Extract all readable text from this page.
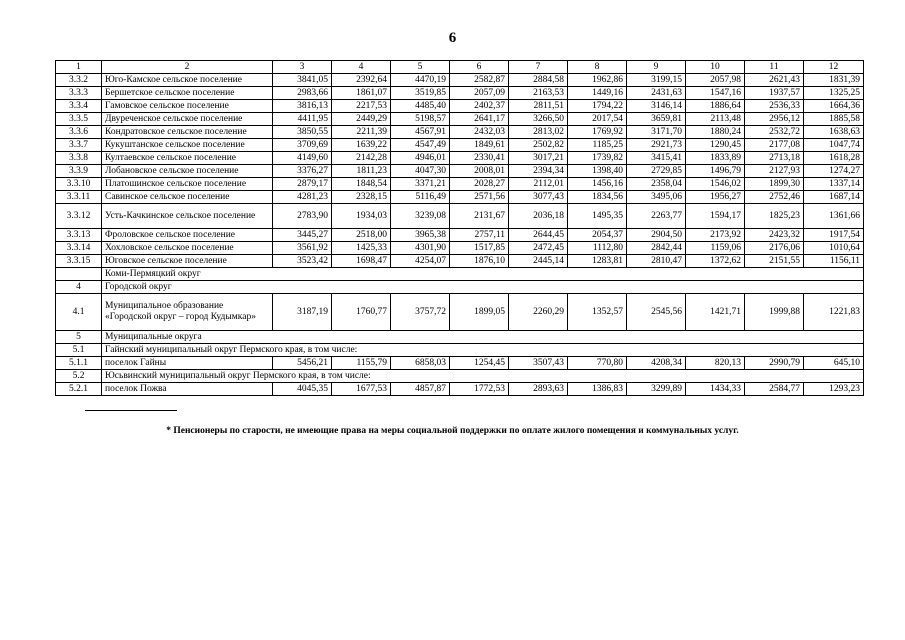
6
1	2	3	4	5	6	7	8	9	10	11	12
3.3.2	Юго-Камское сельское поселение	3841,05	2392,64	4470,19	2582,87	2884,58	1962,86	3199,15	2057,98	2621,43	1831,39
3.3.3	Бершетское сельское поселение	2983,66	1861,07	3519,85	2057,09	2163,53	1449,16	2431,63	1547,16	1937,57	1325,25
3.3.4	Гамовское сельское поселение	3816,13	2217,53	4485,40	2402,37	2811,51	1794,22	3146,14	1886,64	2536,33	1664,36
3.3.5	Двуреченское сельское поселение	4411,95	2449,29	5198,57	2641,17	3266,50	2017,54	3659,81	2113,48	2956,12	1885,58
3.3.6	Кондратовское сельское поселение	3850,55	2211,39	4567,91	2432,03	2813,02	1769,92	3171,70	1880,24	2532,72	1638,63
3.3.7	Кукуштанское сельское поселение	3709,69	1639,22	4547,49	1849,61	2502,82	1185,25	2921,73	1290,45	2177,08	1047,74
3.3.8	Култаевское сельское поселение	4149,60	2142,28	4946,01	2330,41	3017,21	1739,82	3415,41	1833,89	2713,18	1618,28
3.3.9	Лобановское сельское поселение	3376,27	1811,23	4047,30	2008,01	2394,34	1398,40	2729,85	1496,79	2127,93	1274,27
3.3.10	Платошинское сельское поселение	2879,17	1848,54	3371,21	2028,27	2112,01	1456,16	2358,04	1546,02	1899,30	1337,14
3.3.11	Савинское сельское поселение	4281,23	2328,15	5116,49	2571,56	3077,43	1834,56	3495,06	1956,27	2752,46	1687,14
3.3.12	Усть-Качкинское сельское поселение	2783,90	1934,03	3239,08	2131,67	2036,18	1495,35	2263,77	1594,17	1825,23	1361,66
3.3.13	Фроловское сельское поселение	3445,27	2518,00	3965,38	2757,11	2644,45	2054,37	2904,50	2173,92	2423,32	1917,54
3.3.14	Хохловское сельское поселение	3561,92	1425,33	4301,90	1517,85	2472,45	1112,80	2842,44	1159,06	2176,06	1010,64
3.3.15	Юговское сельское поселение	3523,42	1698,47	4254,07	1876,10	2445,14	1283,81	2810,47	1372,62	2151,55	1156,11
	Коми-Пермяцкий округ										
4	Городской округ										
4.1	Муниципальное образование «Городской округ – город Кудымкар»	3187,19	1760,77	3757,72	1899,05	2260,29	1352,57	2545,56	1421,71	1999,88	1221,83
5	Муниципальные округа										
5.1	Гайнский муниципальный округ Пермского края, в том числе:										
5.1.1	поселок Гайны	5456,21	1155,79	6858,03	1254,45	3507,43	770,80	4208,34	820,13	2990,79	645,10
5.2	Юсьвинский муниципальный округ Пермского края, в том числе:										
5.2.1	поселок Пожва	4045,35	1677,53	4857,87	1772,53	2893,63	1386,83	3299,89	1434,33	2584,77	1293,23
* Пенсионеры по старости, не имеющие права на меры социальной поддержки по оплате жилого помещения и коммунальных услуг.
